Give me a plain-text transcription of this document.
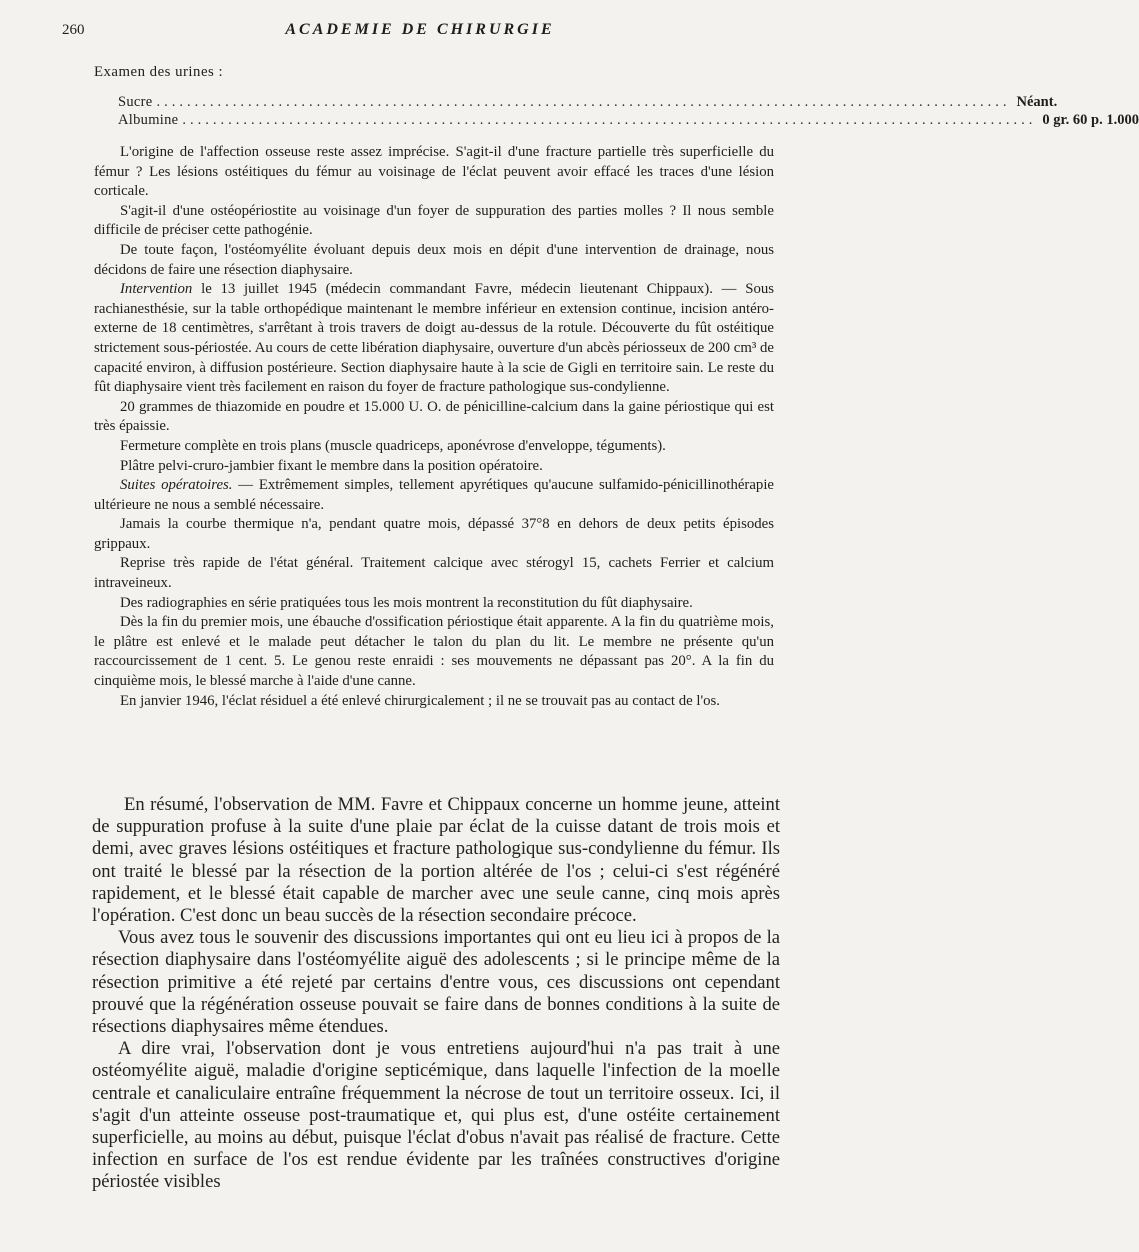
260	ACADEMIE DE CHIRURGIE
Examen des urines :
Sucre ................................................................................................................ Néant.
Albumine ................................................................................................................ 0 gr. 60 p. 1.000

L'origine de l'affection osseuse reste assez imprécise. S'agit-il d'une fracture partielle très superficielle du fémur ? Les lésions ostéitiques du fémur au voisinage de l'éclat peuvent avoir effacé les traces d'une lésion corticale.

S'agit-il d'une ostéopériostite au voisinage d'un foyer de suppuration des parties molles ? Il nous semble difficile de préciser cette pathogénie.

De toute façon, l'ostéomyélite évoluant depuis deux mois en dépit d'une intervention de drainage, nous décidons de faire une résection diaphysaire.

Intervention le 13 juillet 1945 (médecin commandant Favre, médecin lieutenant Chippaux). — Sous rachianesthésie, sur la table orthopédique maintenant le membre inférieur en extension continue, incision antéro-externe de 18 centimètres, s'arrêtant à trois travers de doigt au-dessus de la rotule. Découverte du fût ostéitique strictement sous-périostée. Au cours de cette libération diaphysaire, ouverture d'un abcès périosseux de 200 cm³ de capacité environ, à diffusion postérieure. Section diaphysaire haute à la scie de Gigli en territoire sain. Le reste du fût diaphysaire vient très facilement en raison du foyer de fracture pathologique sus-condylienne.

20 grammes de thiazomide en poudre et 15.000 U. O. de pénicilline-calcium dans la gaine périostique qui est très épaissie.

Fermeture complète en trois plans (muscle quadriceps, aponévrose d'enveloppe, téguments).

Plâtre pelvi-cruro-jambier fixant le membre dans la position opératoire.

Suites opératoires. — Extrêmement simples, tellement apyrétiques qu'aucune sulfamido-pénicillinothérapie ultérieure ne nous a semblé nécessaire.

Jamais la courbe thermique n'a, pendant quatre mois, dépassé 37°8 en dehors de deux petits épisodes grippaux.

Reprise très rapide de l'état général. Traitement calcique avec stérogyl 15, cachets Ferrier et calcium intraveineux.

Des radiographies en série pratiquées tous les mois montrent la reconstitution du fût diaphysaire.

Dès la fin du premier mois, une ébauche d'ossification périostique était apparente. A la fin du quatrième mois, le plâtre est enlevé et le malade peut détacher le talon du plan du lit. Le membre ne présente qu'un raccourcissement de 1 cent. 5. Le genou reste enraidi : ses mouvements ne dépassant pas 20°. A la fin du cinquième mois, le blessé marche à l'aide d'une canne.

En janvier 1946, l'éclat résiduel a été enlevé chirurgicalement ; il ne se trouvait pas au contact de l'os.

En résumé, l'observation de MM. Favre et Chippaux concerne un homme jeune, atteint de suppuration profuse à la suite d'une plaie par éclat de la cuisse datant de trois mois et demi, avec graves lésions ostéitiques et fracture pathologique sus-condylienne du fémur. Ils ont traité le blessé par la résection de la portion altérée de l'os ; celui-ci s'est régénéré rapidement, et le blessé était capable de marcher avec une seule canne, cinq mois après l'opération. C'est donc un beau succès de la résection secondaire précoce.

Vous avez tous le souvenir des discussions importantes qui ont eu lieu ici à propos de la résection diaphysaire dans l'ostéomyélite aiguë des adolescents ; si le principe même de la résection primitive a été rejeté par certains d'entre vous, ces discussions ont cependant prouvé que la régénération osseuse pouvait se faire dans de bonnes conditions à la suite de résections diaphysaires même étendues.

A dire vrai, l'observation dont je vous entretiens aujourd'hui n'a pas trait à une ostéomyélite aiguë, maladie d'origine septicémique, dans laquelle l'infection de la moelle centrale et canaliculaire entraîne fréquemment la nécrose de tout un territoire osseux. Ici, il s'agit d'un atteinte osseuse post-traumatique et, qui plus est, d'une ostéite certainement superficielle, au moins au début, puisque l'éclat d'obus n'avait pas réalisé de fracture. Cette infection en surface de l'os est rendue évidente par les traînées constructives d'origine périostée visibles
